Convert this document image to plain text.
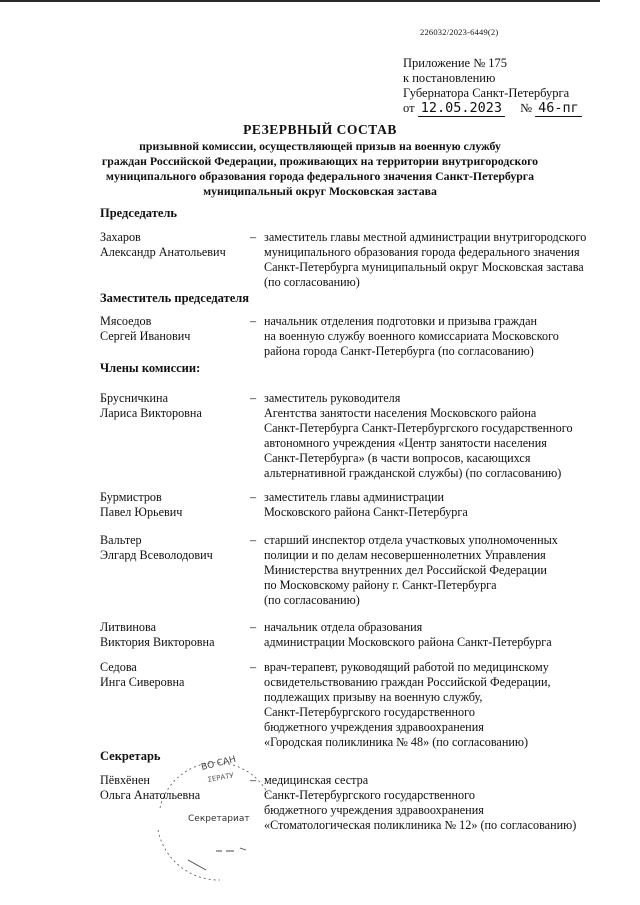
226032/2023-6449(2)
Приложение № 175
к постановлению
Губернатора Санкт-Петербурга
от 12.05.2023 № 46-пг
РЕЗЕРВНЫЙ СОСТАВ
призывной комиссии, осуществляющей призыв на военную службу
граждан Российской Федерации, проживающих на территории внутригородского
муниципального образования города федерального значения Санкт-Петербурга
муниципальный округ Московская застава
Председатель
Захаров
Александр Анатольевич
– заместитель главы местной администрации внутригородского
муниципального образования города федерального значения
Санкт-Петербурга муниципальный округ Московская застава
(по согласованию)
Заместитель председателя
Мясоедов
Сергей Иванович
– начальник отделения подготовки и призыва граждан
на военную службу военного комиссариата Московского
района города Санкт-Петербурга (по согласованию)
Члены комиссии:
Брусничкина
Лариса Викторовна
– заместитель руководителя
Агентства занятости населения Московского района
Санкт-Петербурга Санкт-Петербургского государственного
автономного учреждения «Центр занятости населения
Санкт-Петербурга» (в части вопросов, касающихся
альтернативной гражданской службы) (по согласованию)
Бурмистров
Павел Юрьевич
– заместитель главы администрации
Московского района Санкт-Петербурга
Вальтер
Элгард Всеволодович
– старший инспектор отдела участковых уполномоченных
полиции и по делам несовершеннолетних Управления
Министерства внутренних дел Российской Федерации
по Московскому району г. Санкт-Петербурга
(по согласованию)
Литвинова
Виктория Викторовна
– начальник отдела образования
администрации Московского района Санкт-Петербурга
Седова
Инга Сиверовна
– врач-терапевт, руководящий работой по медицинскому
освидетельствованию граждан Российской Федерации,
подлежащих призыву на военную службу,
Санкт-Петербургского государственного
бюджетного учреждения здравоохранения
«Городская поликлиника № 48» (по согласованию)
Секретарь
Пёвхёнен
Ольга Анатольевна
– медицинская сестра
Санкт-Петербургского государственного
бюджетного учреждения здравоохранения
«Стоматологическая поликлиника № 12» (по согласованию)
ВО САН
ΣЕРАТУ
Секретариат
